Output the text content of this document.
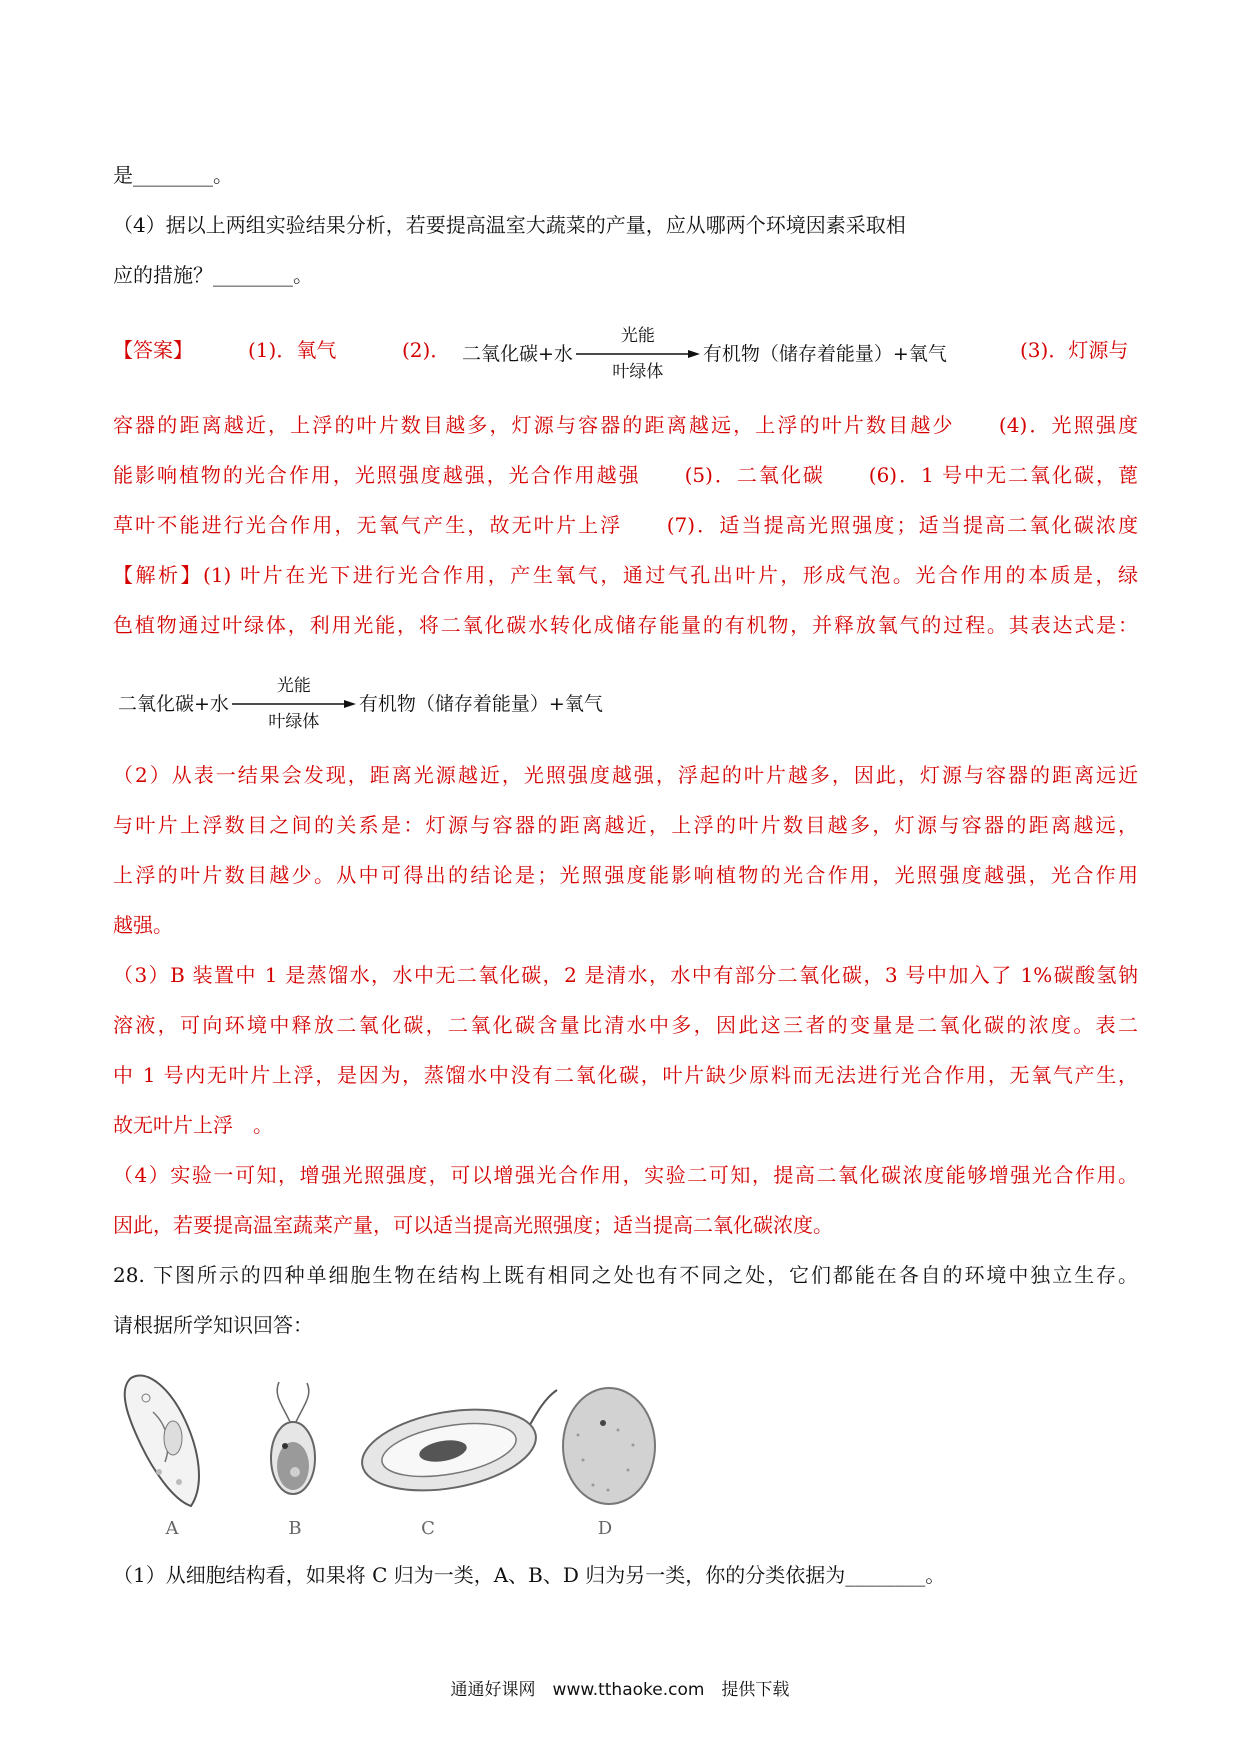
是________。
（4）据以上两组实验结果分析，若要提高温室大蔬菜的产量，应从哪两个环境因素采取相
应的措施？________。
【答案】	(1)．氧气	(2)． 二氧化碳+水
光能
叶绿体
有机物（储存着能量）+氧气	(3)．灯源与
容器的距离越近，上浮的叶片数目越多，灯源与容器的距离越远，上浮的叶片数目越少　　(4)．光照强度
能影响植物的光合作用，光照强度越强，光合作用越强　　(5)．二氧化碳　　(6)．1 号中无二氧化碳，蓖
草叶不能进行光合作用，无氧气产生，故无叶片上浮　　(7)．适当提高光照强度；适当提高二氧化碳浓度
【解析】(1) 叶片在光下进行光合作用，产生氧气，通过气孔出叶片，形成气泡。光合作用的本质是，绿
色植物通过叶绿体，利用光能，将二氧化碳水转化成储存能量的有机物，并释放氧气的过程。其表达式是：
二氧化碳+水
光能
叶绿体
有机物（储存着能量）+氧气
（2）从表一结果会发现，距离光源越近，光照强度越强，浮起的叶片越多，因此，灯源与容器的距离远近
与叶片上浮数目之间的关系是：灯源与容器的距离越近，上浮的叶片数目越多，灯源与容器的距离越远，
上浮的叶片数目越少。从中可得出的结论是；光照强度能影响植物的光合作用，光照强度越强，光合作用
越强。
（3）B 装置中 1 是蒸馏水，水中无二氧化碳，2 是清水，水中有部分二氧化碳，3 号中加入了 1%碳酸氢钠
溶液，可向环境中释放二氧化碳，二氧化碳含量比清水中多，因此这三者的变量是二氧化碳的浓度。表二
中 1 号内无叶片上浮，是因为，蒸馏水中没有二氧化碳，叶片缺少原料而无法进行光合作用，无氧气产生，
故无叶片上浮　。
（4）实验一可知，增强光照强度，可以增强光合作用，实验二可知，提高二氧化碳浓度能够增强光合作用。
因此，若要提高温室蔬菜产量，可以适当提高光照强度；适当提高二氧化碳浓度。
28. 下图所示的四种单细胞生物在结构上既有相同之处也有不同之处，它们都能在各自的环境中独立生存。
请根据所学知识回答：
A	B	C	D
（1）从细胞结构看，如果将 C 归为一类，A、B、D 归为另一类，你的分类依据为________。
通通好课网　www.tthaoke.com　提供下载
